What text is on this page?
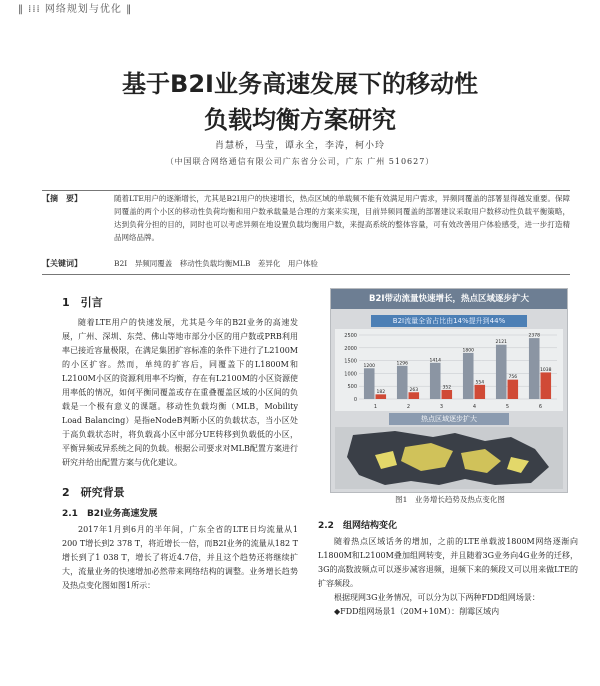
‖ ⁞⁞⁞ 网络规划与优化 ‖
基于B2I业务高速发展下的移动性
负载均衡方案研究
肖慧桥，马莹，谭永全，李涛，柯小玲
（中国联合网络通信有限公司广东省分公司，广东 广州 510627）
【摘　要】	随着LTE用户的逐渐增长，尤其是B2I用户的快速增长，热点区域的单载频不能有效满足用户需求，异频同覆盖的部署显得越发重要。保障同覆盖的两个小区的移动性负荷均衡和用户数承载量是合理的方案来实现，目前异频同覆盖的部署建议采取用户数移动性负载平衡策略，达到负荷分担的目的，同时也可以考虑异频在地设置负载均衡用户数，来提高系统的整体容量，可有效改善用户体验感受，进一步打造精品网络品牌。
【关键词】	B2I　异频同覆盖　移动性负载均衡MLB　差异化　用户体验
1　引言
随着LTE用户的快速发展，尤其是今年的B2I业务的高速发展，广州、深圳、东莞、佛山等地市部分小区的用户数或PRB利用率已接近容量极限，在满足集团扩容标准的条件下进行了L2100M的小区扩容。然而，单纯的扩容后，同覆盖下的L1800M和L2100M小区的资源利用率不均衡，存在有L2100M的小区资源使用率低的情况，如何平衡同覆盖或存在重叠覆盖区域的小区间的负载是一个极有意义的课题。移动性负载均衡（MLB，Mobility Load Balancing）是指eNodeB判断小区的负载状态，当小区处于高负载状态时，将负载高小区中部分UE转移到负载低的小区，平衡异频或异系统之间的负载。根据公司要求对MLB配置方案进行研究并给出配置方案与优化建议。
2　研究背景
2.1　B2I业务高速发展
2017年1月到6月的半年间，广东全省的LTE日均流量从1 200 T增长到2 378 T，将近增长一倍，而B2I业务的流量从182 T增长到了1 038 T，增长了将近4.7倍，并且这个趋势还将继续扩大，流量业务的快速增加必然带来网络结构的调整。业务增长趋势及热点变化图如图1所示：
B2I带动流量快速增长，热点区域逐步扩大
B2I流量全省占比由14%提升到44%
0
500
1000
1500
2000
2500
1200
182
1
1296
263
2
1414
352
3
1800
554
4
2121
756
5
2378
1038
6
热点区域逐步扩大
图1　业务增长趋势及热点变化图
2.2　组网结构变化
随着热点区域话务的增加，之前的LTE单载波1800M网络逐渐向L1800M和L2100M叠加组网转变，并且随着3G业务向4G业务的迁移，3G的高数波频点可以逐步减容退频，退频下来的频段又可以用来做LTE的扩容频段。
根据现网3G业务情况，可以分为以下两种FDD组网场景：
◆FDD组网场景1（20M+10M）：削霉区域内
